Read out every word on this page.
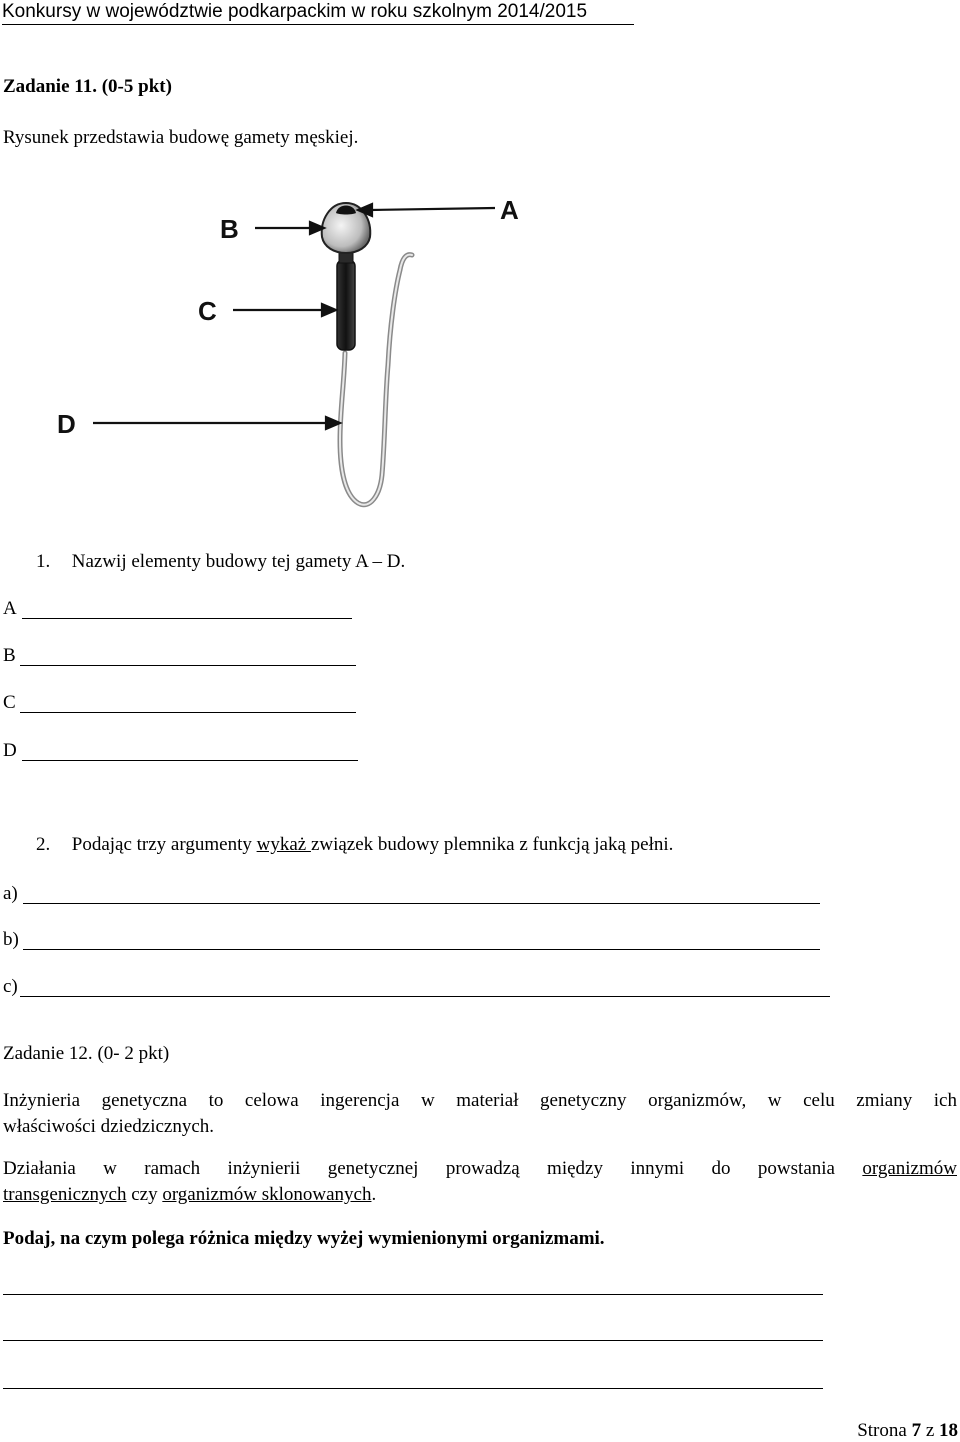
Konkursy w województwie podkarpackim w roku szkolnym 2014/2015
Zadanie 11. (0-5 pkt)
Rysunek przedstawia budowę gamety męskiej.
A
B
C
D
1. Nazwij elementy budowy tej gamety A – D.
A
B
C
D
2. Podając trzy argumenty wykaż związek budowy plemnika z funkcją jaką pełni.
a)
b)
c)
Zadanie 12. (0- 2 pkt)
Inżynieria genetyczna to celowa ingerencja w materiał genetyczny organizmów, w celu zmiany ich
właściwości dziedzicznych.
Działania w ramach inżynierii genetycznej prowadzą między innymi do powstania organizmów
transgenicznych czy organizmów sklonowanych.
Podaj, na czym polega różnica między wyżej wymienionymi organizmami.
Strona 7 z 18
